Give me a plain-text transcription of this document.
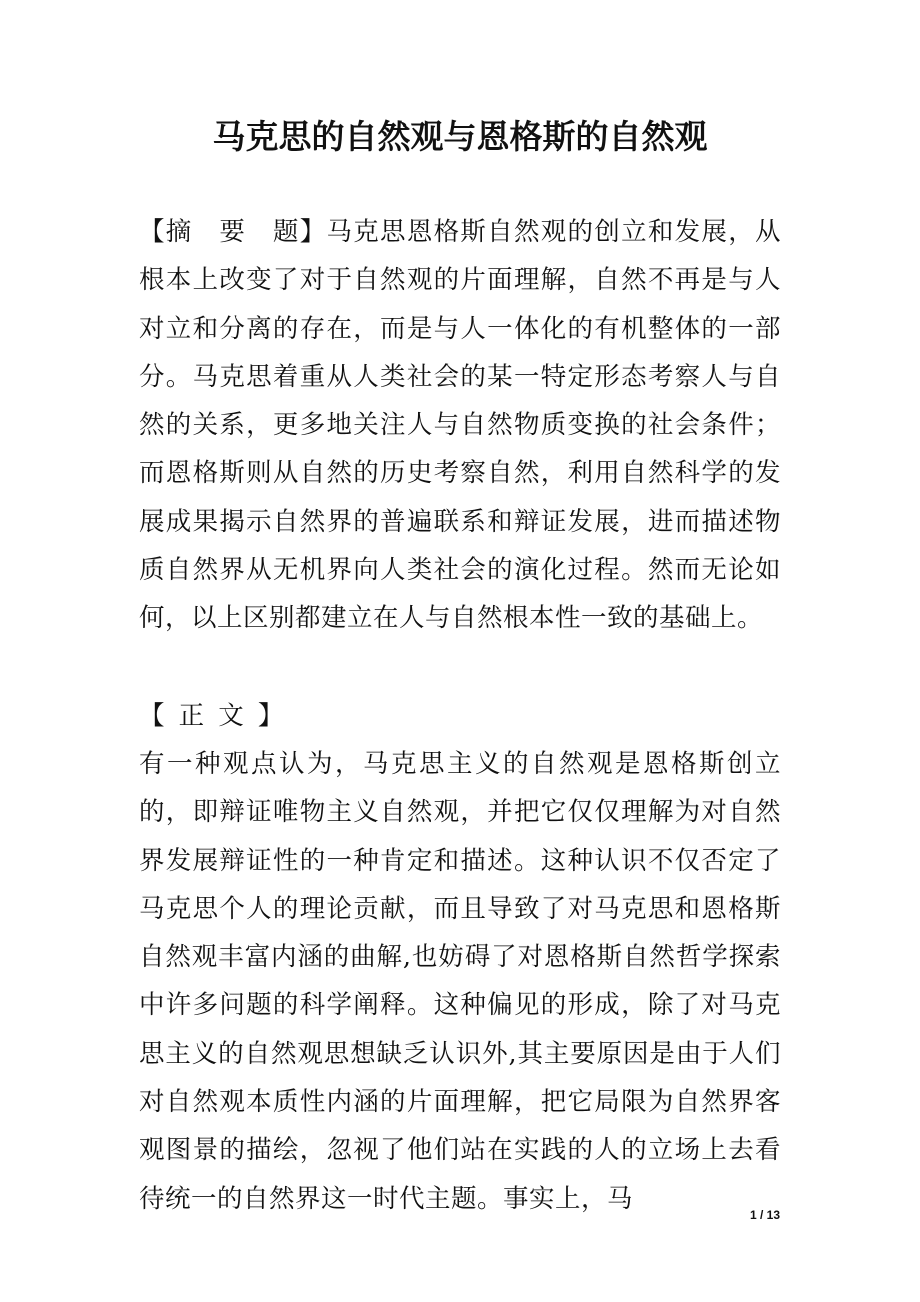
马克思的自然观与恩格斯的自然观

【摘　要　题】马克思恩格斯自然观的创立和发展，从根本上改变了对于自然观的片面理解，自然不再是与人对立和分离的存在，而是与人一体化的有机整体的一部分。马克思着重从人类社会的某一特定形态考察人与自然的关系，更多地关注人与自然物质变换的社会条件；而恩格斯则从自然的历史考察自然，利用自然科学的发展成果揭示自然界的普遍联系和辩证发展，进而描述物质自然界从无机界向人类社会的演化过程。然而无论如何，以上区别都建立在人与自然根本性一致的基础上。

【 正 文 】

有一种观点认为，马克思主义的自然观是恩格斯创立的，即辩证唯物主义自然观，并把它仅仅理解为对自然界发展辩证性的一种肯定和描述。这种认识不仅否定了马克思个人的理论贡献，而且导致了对马克思和恩格斯自然观丰富内涵的曲解,也妨碍了对恩格斯自然哲学探索中许多问题的科学阐释。这种偏见的形成，除了对马克思主义的自然观思想缺乏认识外,其主要原因是由于人们对自然观本质性内涵的片面理解，把它局限为自然界客观图景的描绘，忽视了他们站在实践的人的立场上去看待统一的自然界这一时代主题。事实上，马

1 / 13
